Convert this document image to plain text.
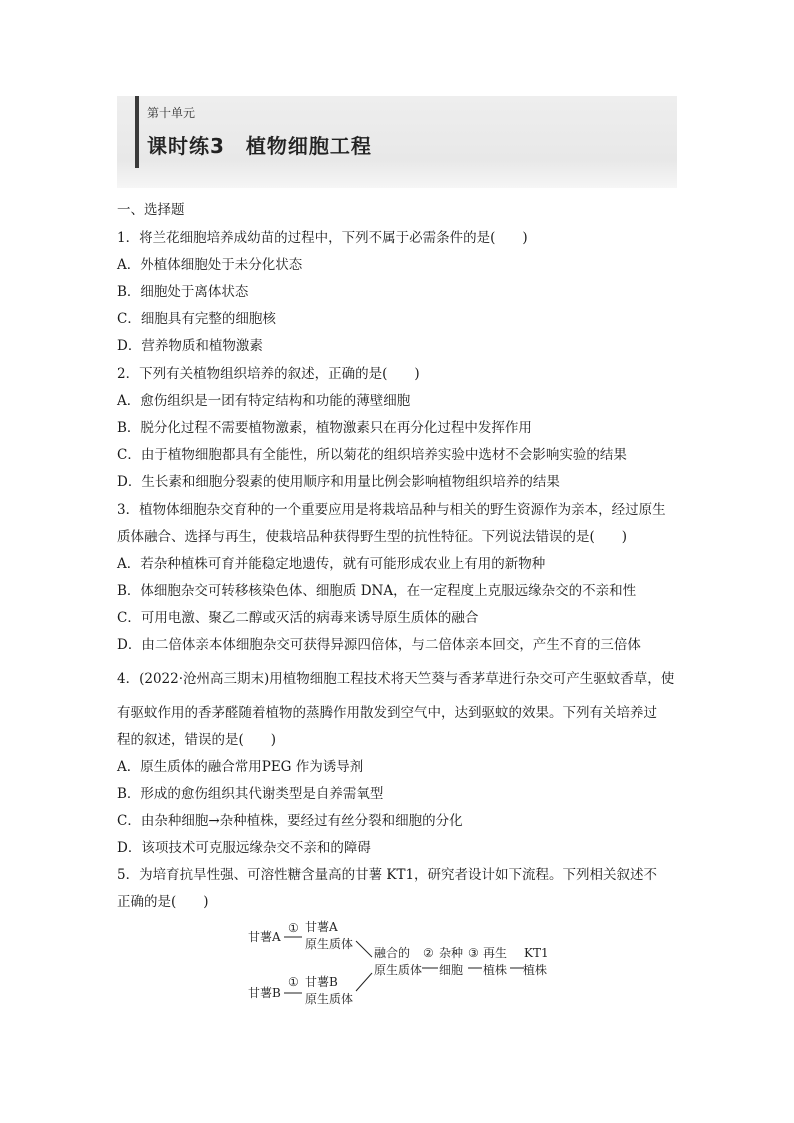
第十单元
课时练3　植物细胞工程
一、选择题
1．将兰花细胞培养成幼苗的过程中，下列不属于必需条件的是(　　)
A．外植体细胞处于未分化状态
B．细胞处于离体状态
C．细胞具有完整的细胞核
D．营养物质和植物激素
2．下列有关植物组织培养的叙述，正确的是(　　)
A．愈伤组织是一团有特定结构和功能的薄壁细胞
B．脱分化过程不需要植物激素，植物激素只在再分化过程中发挥作用
C．由于植物细胞都具有全能性，所以菊花的组织培养实验中选材不会影响实验的结果
D．生长素和细胞分裂素的使用顺序和用量比例会影响植物组织培养的结果
3．植物体细胞杂交育种的一个重要应用是将栽培品种与相关的野生资源作为亲本，经过原生
质体融合、选择与再生，使栽培品种获得野生型的抗性特征。下列说法错误的是(　　)
A．若杂种植株可育并能稳定地遗传，就有可能形成农业上有用的新物种
B．体细胞杂交可转移核染色体、细胞质 DNA，在一定程度上克服远缘杂交的不亲和性
C．可用电激、聚乙二醇或灭活的病毒来诱导原生质体的融合
D．由二倍体亲本体细胞杂交可获得异源四倍体，与二倍体亲本回交，产生不育的三倍体
4．(2022·沧州高三期末)用植物细胞工程技术将天竺葵与香茅草进行杂交可产生驱蚊香草，使
有驱蚊作用的香茅醛随着植物的蒸腾作用散发到空气中，达到驱蚊的效果。下列有关培养过
程的叙述，错误的是(　　)
A．原生质体的融合常用PEG 作为诱导剂
B．形成的愈伤组织其代谢类型是自养需氧型
C．由杂种细胞→杂种植株，要经过有丝分裂和细胞的分化
D．该项技术可克服远缘杂交不亲和的障碍
5．为培育抗旱性强、可溶性糖含量高的甘薯 KT1，研究者设计如下流程。下列相关叙述不
正确的是(　　)
甘薯A
甘薯B
① 甘薯A
原生质体
① 甘薯B
原生质体
融合的
原生质体
② 杂种
细胞
③ 再生
植株
KT1
植株
